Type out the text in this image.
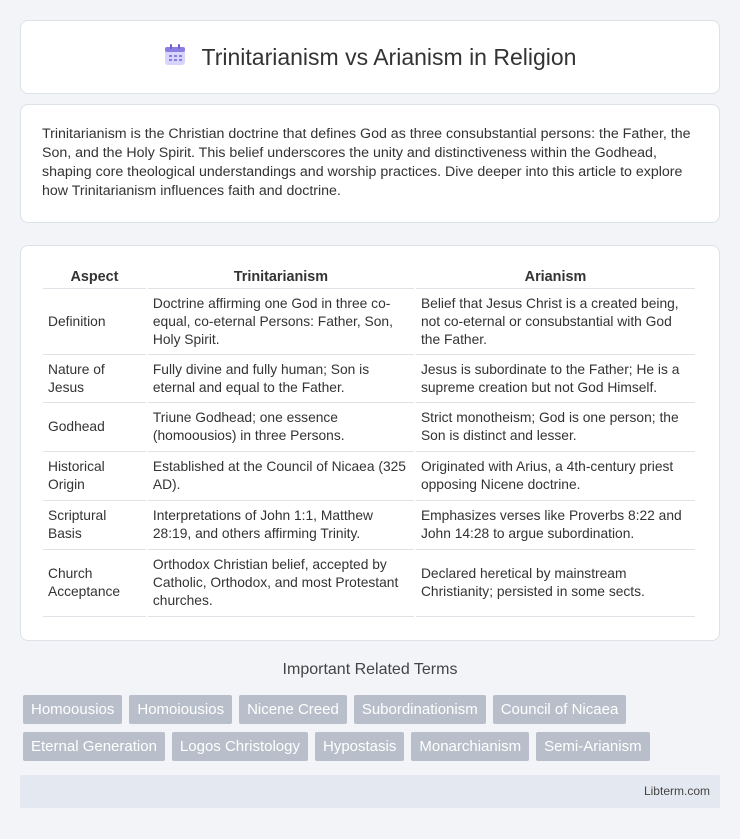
Trinitarianism vs Arianism in Religion

Trinitarianism is the Christian doctrine that defines God as three consubstantial persons: the Father, the Son, and the Holy Spirit. This belief underscores the unity and distinctiveness within the Godhead, shaping core theological understandings and worship practices. Dive deeper into this article to explore how Trinitarianism influences faith and doctrine.

Aspect	Trinitarianism	Arianism
Definition	Doctrine affirming one God in three co-equal, co-eternal Persons: Father, Son, Holy Spirit.	Belief that Jesus Christ is a created being, not co-eternal or consubstantial with God the Father.
Nature of Jesus	Fully divine and fully human; Son is eternal and equal to the Father.	Jesus is subordinate to the Father; He is a supreme creation but not God Himself.
Godhead	Triune Godhead; one essence (homoousios) in three Persons.	Strict monotheism; God is one person; the Son is distinct and lesser.
Historical Origin	Established at the Council of Nicaea (325 AD).	Originated with Arius, a 4th-century priest opposing Nicene doctrine.
Scriptural Basis	Interpretations of John 1:1, Matthew 28:19, and others affirming Trinity.	Emphasizes verses like Proverbs 8:22 and John 14:28 to argue subordination.
Church Acceptance	Orthodox Christian belief, accepted by Catholic, Orthodox, and most Protestant churches.	Declared heretical by mainstream Christianity; persisted in some sects.
Important Related Terms
Homoousios	Homoiousios	Nicene Creed	Subordinationism	Council of Nicaea
Eternal Generation	Logos Christology	Hypostasis	Monarchianism	Semi-Arianism
Libterm.com
